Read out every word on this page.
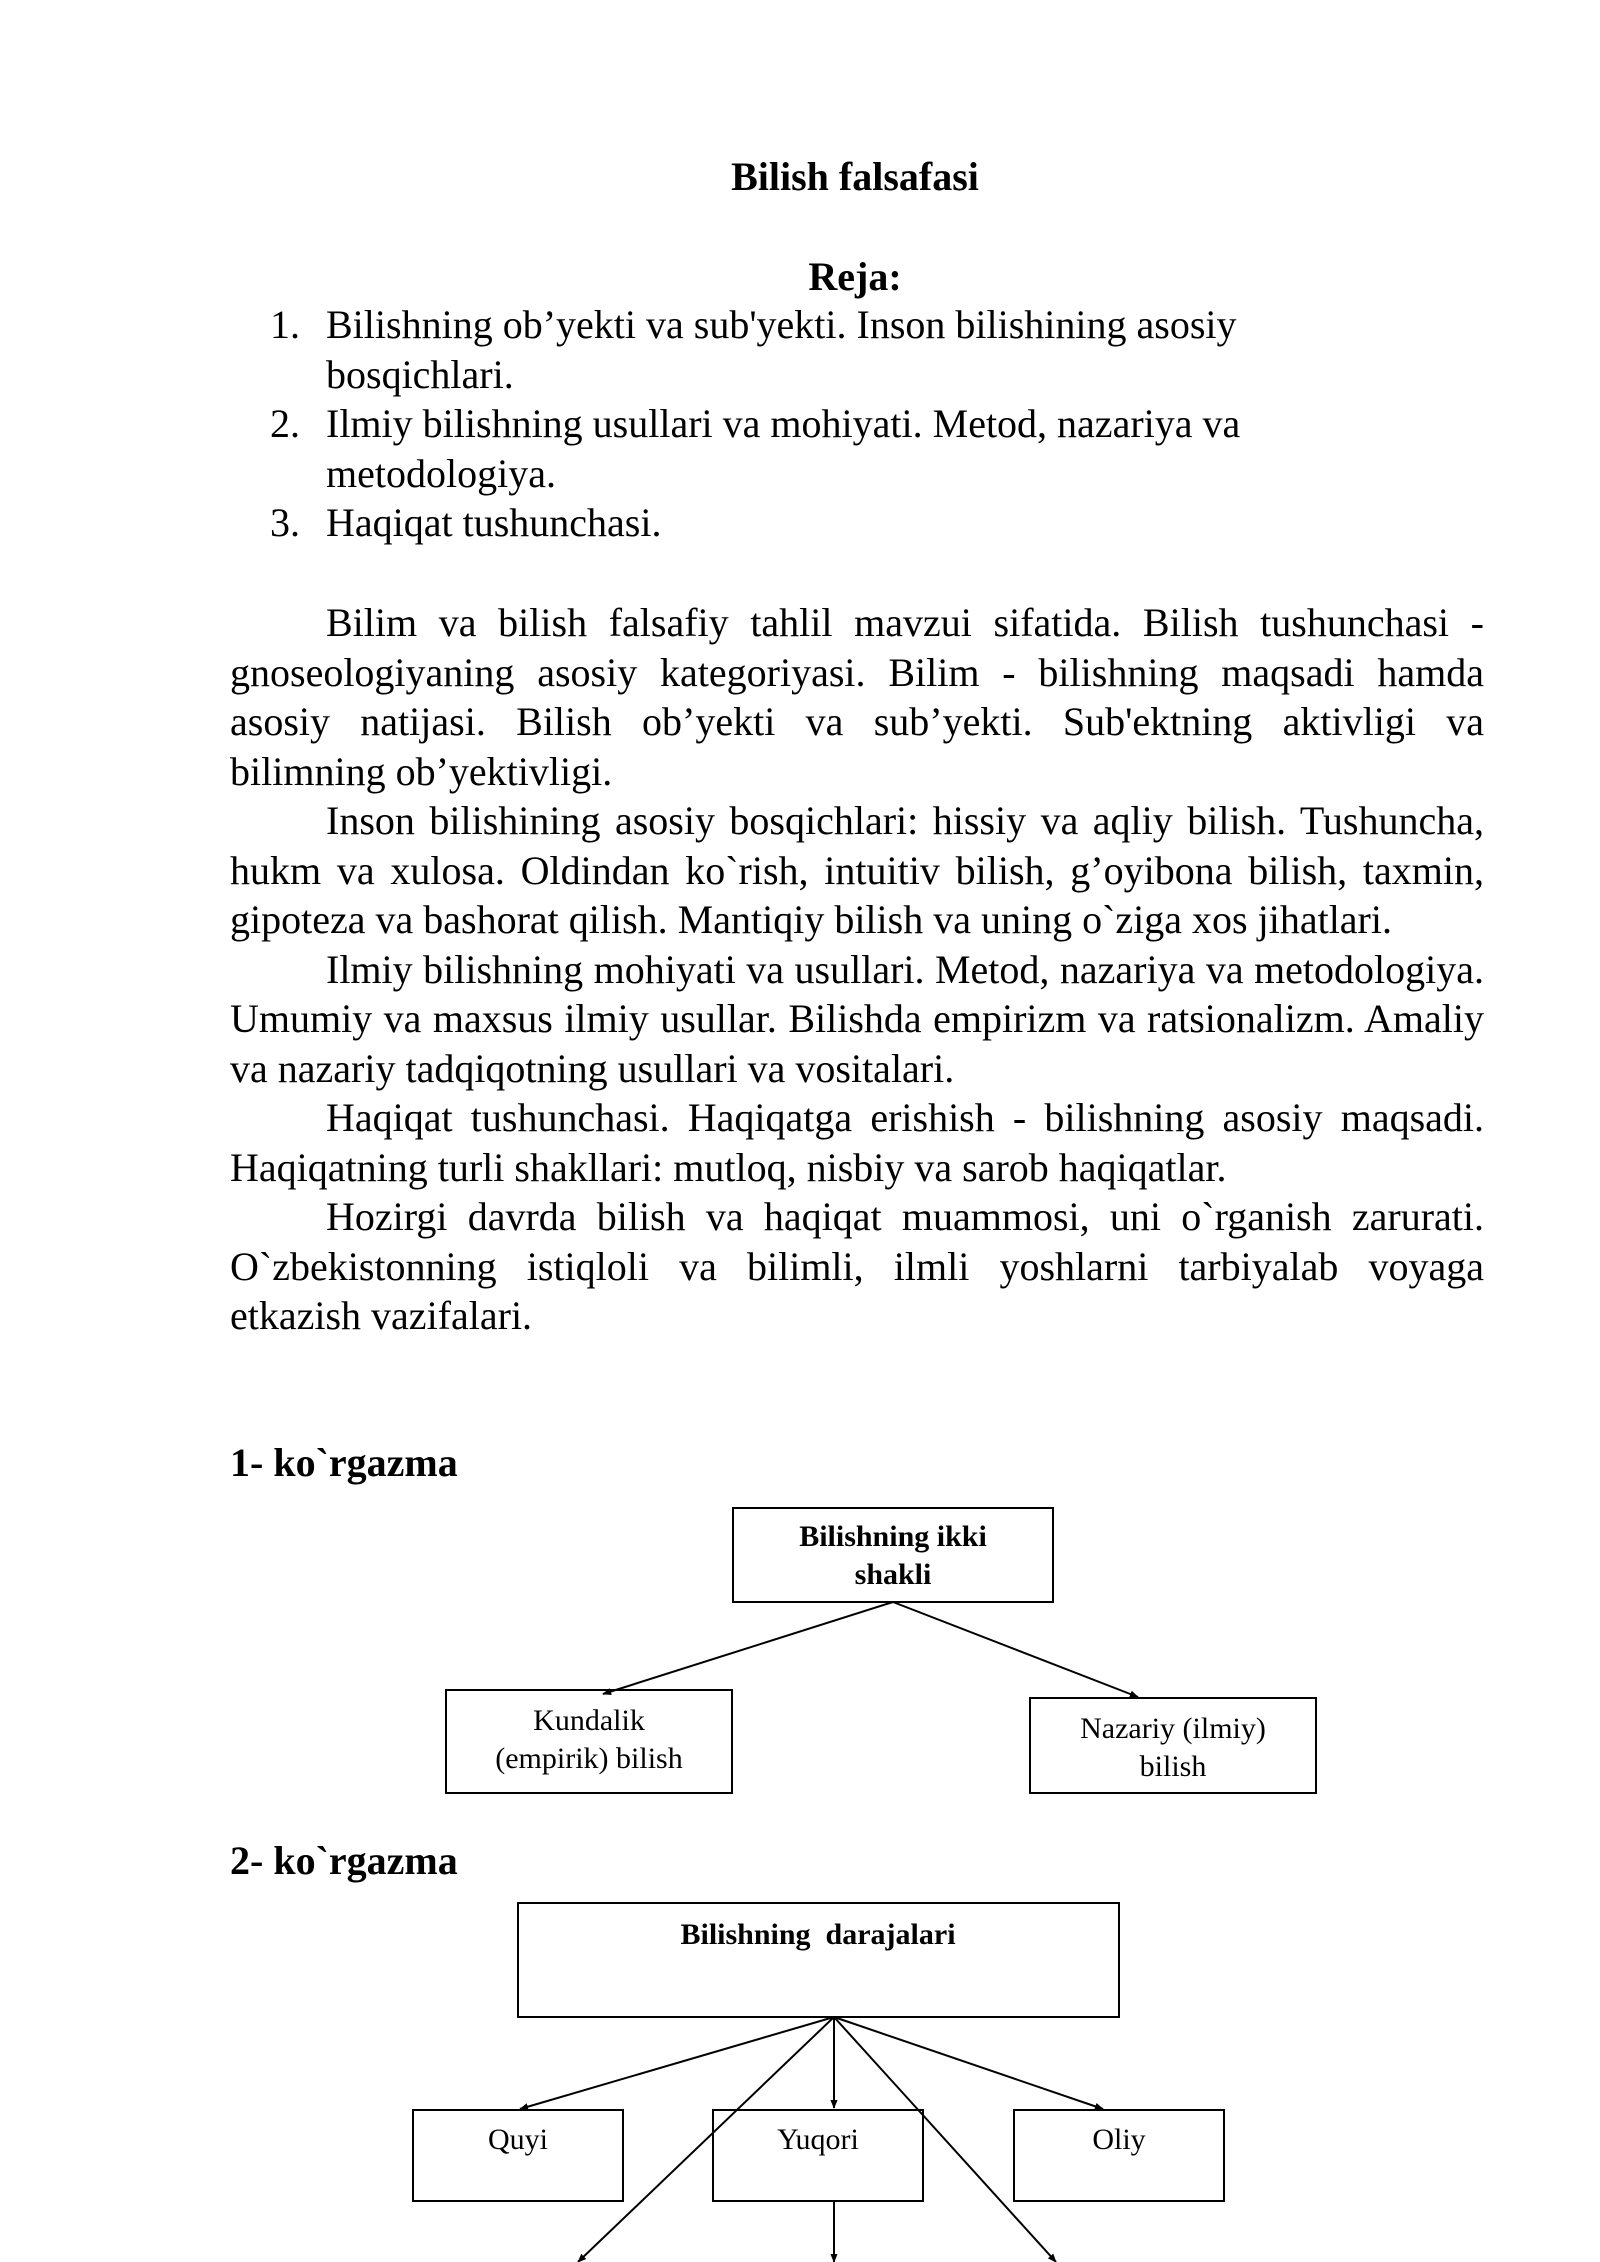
Bilish falsafasi
Reja:
1. Bilishning ob’yekti va sub'yekti. Inson bilishining asosiy bosqichlari.
2. Ilmiy bilishning usullari va mohiyati. Metod, nazariya va metodologiya.
3. Haqiqat tushunchasi.

Bilim va bilish falsafiy tahlil mavzui sifatida. Bilish tushunchasi - gnoseologiyaning asosiy kategoriyasi. Bilim - bilishning maqsadi hamda asosiy natijasi. Bilish ob’yekti va sub’yekti. Sub'ektning aktivligi va bilimning ob’yektivligi.

Inson bilishining asosiy bosqichlari: hissiy va aqliy bilish. Tushuncha, hukm va xulosa. Oldindan ko`rish, intuitiv bilish, g’oyibona bilish, taxmin, gipoteza va bashorat qilish. Mantiqiy bilish va uning o`ziga xos jihatlari.

Ilmiy bilishning mohiyati va usullari. Metod, nazariya va metodologiya. Umumiy va maxsus ilmiy usullar. Bilishda empirizm va ratsionalizm. Amaliy va nazariy tadqiqotning usullari va vositalari.

Haqiqat tushunchasi. Haqiqatga erishish - bilishning asosiy maqsadi. Haqiqatning turli shakllari: mutloq, nisbiy va sarob haqiqatlar.

Hozirgi davrda bilish va haqiqat muammosi, uni o`rganish zarurati. O`zbekistonning istiqloli va bilimli, ilmli yoshlarni tarbiyalab voyaga etkazish vazifalari.

1- ko`rgazma
2- ko`rgazma
Bilishning ikki
shakli
Kundalik
(empirik) bilish
Nazariy (ilmiy)
bilish
Bilishning  darajalari
Quyi	Yuqori	Oliy
